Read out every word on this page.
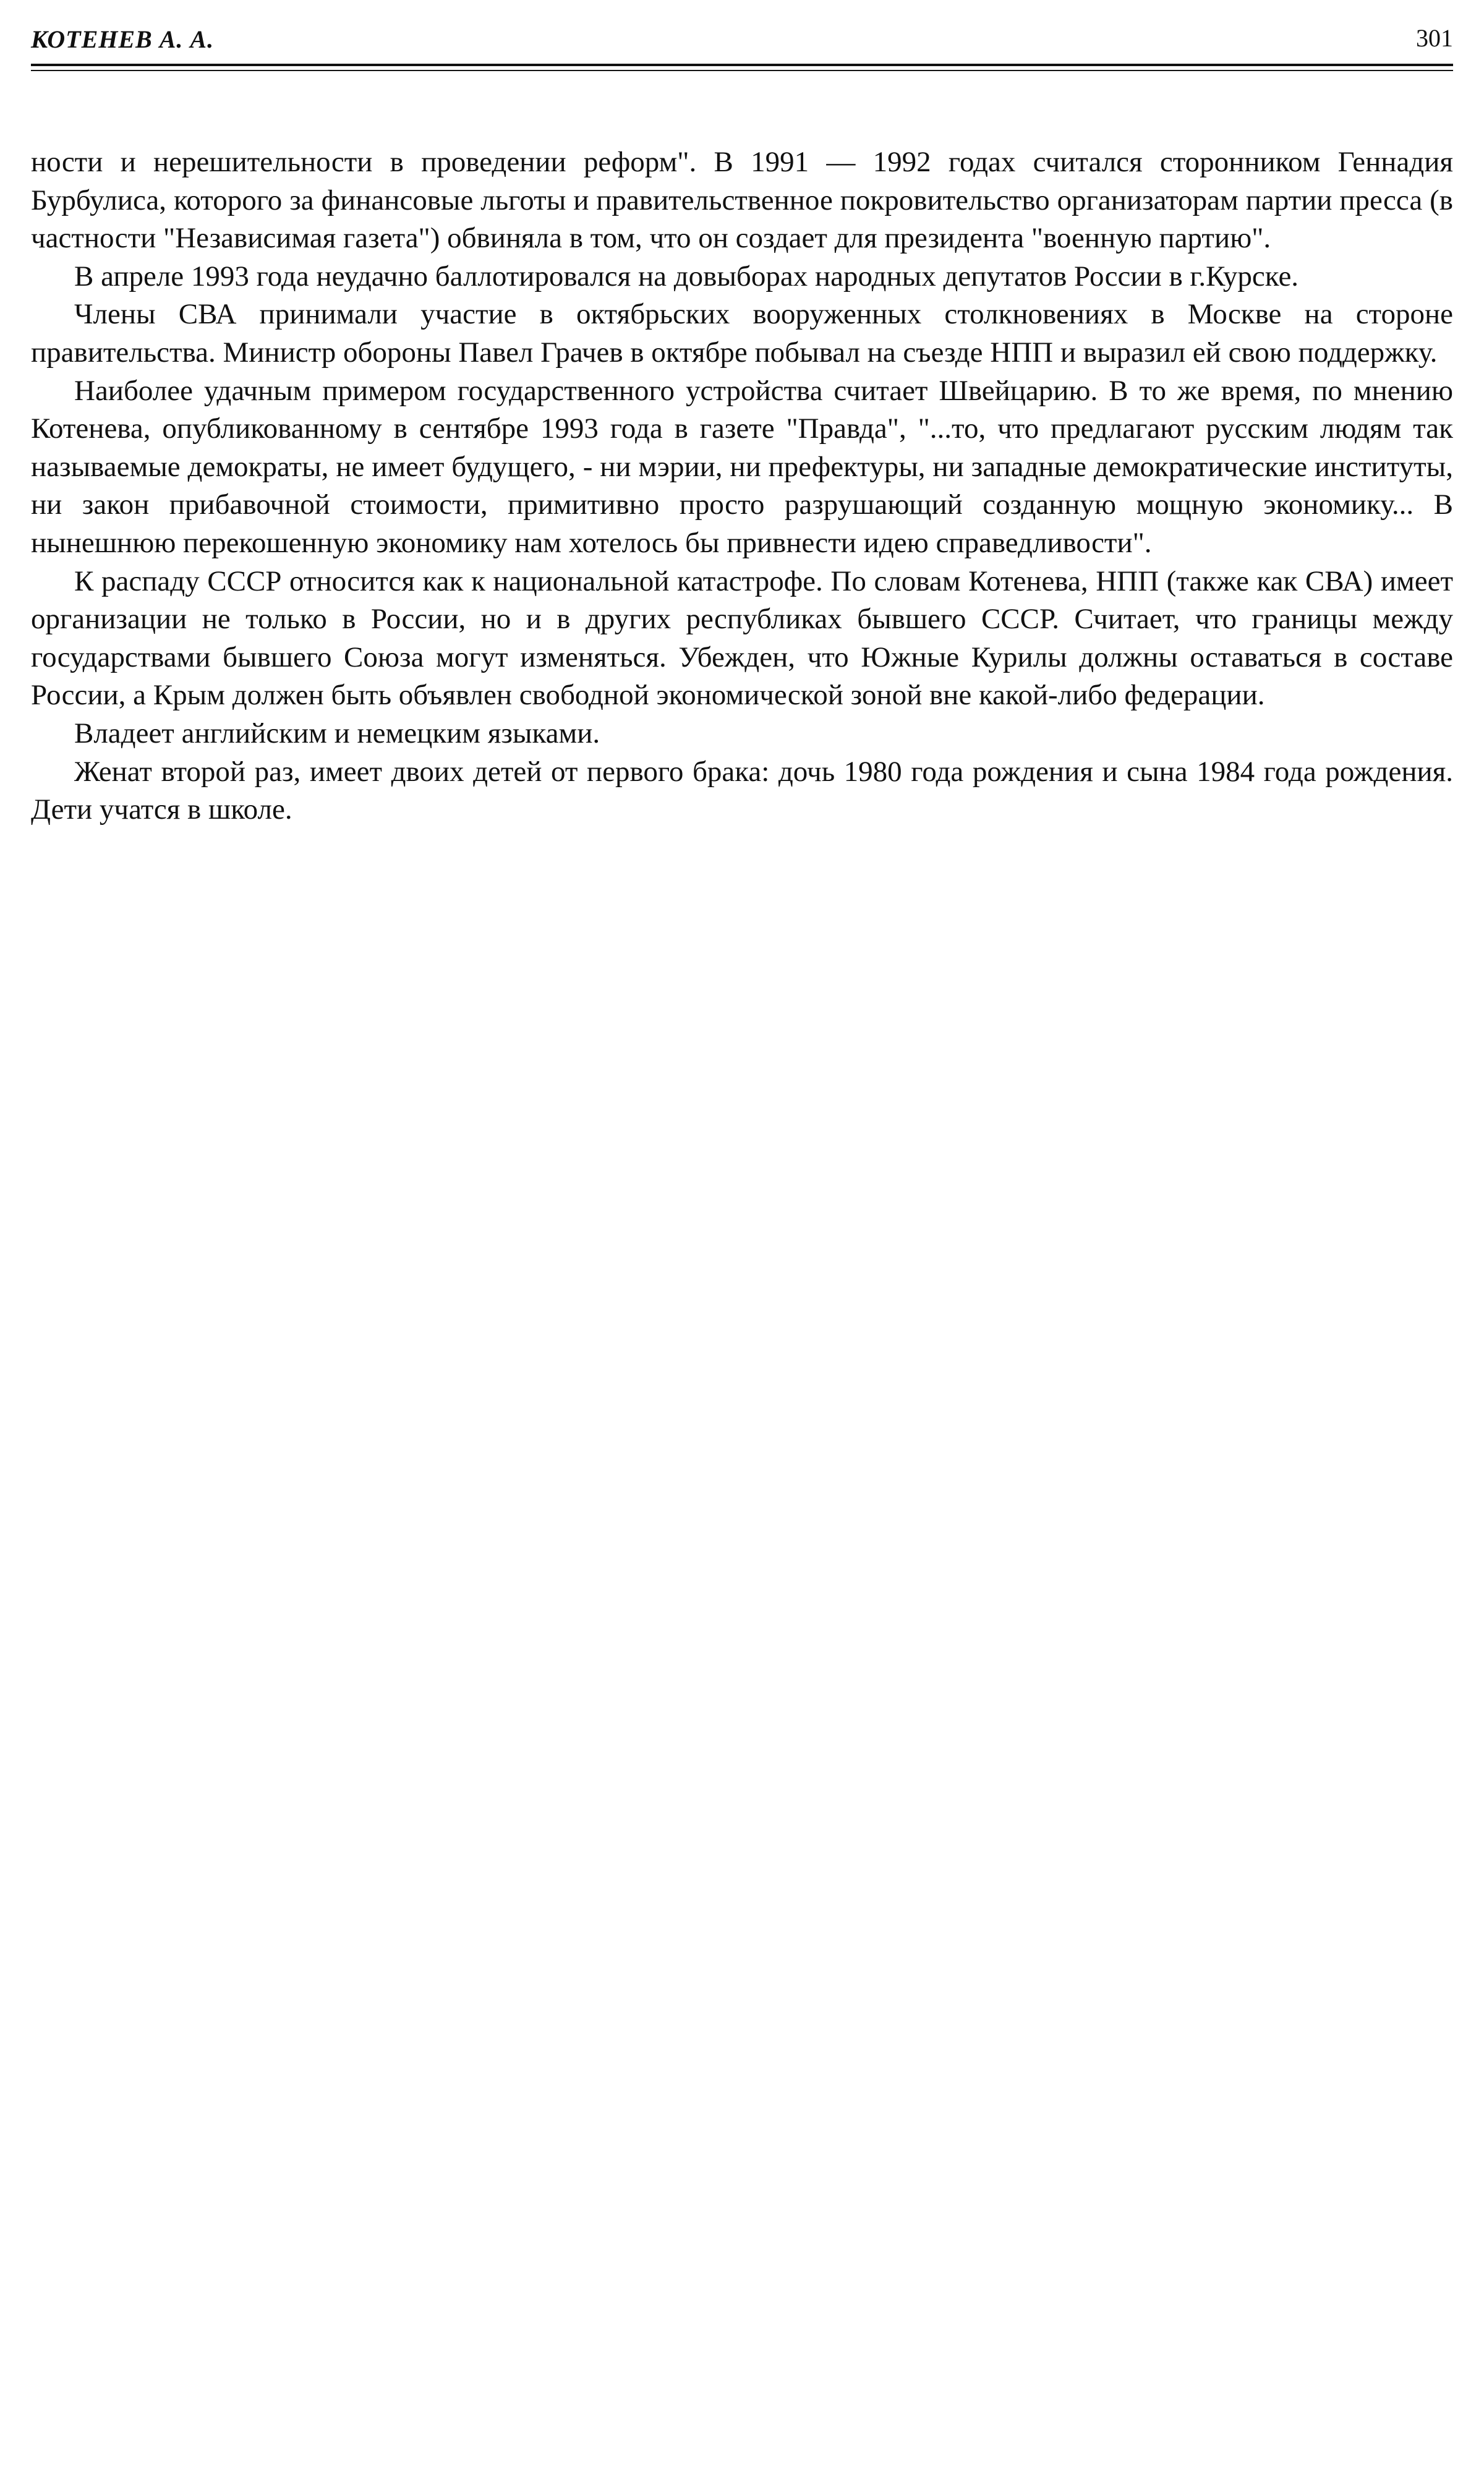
КОТЕНЕВ А. А.	301

ности и нерешительности в проведении реформ". В 1991 — 1992 годах считался сторонником Геннадия Бурбулиса, которого за финансовые льготы и правительственное покровительство организаторам партии пресса (в частности "Независимая газета") обвиняла в том, что он создает для президента "военную партию".

В апреле 1993 года неудачно баллотировался на довыборах народных депутатов России в г.Курске.

Члены СВА принимали участие в октябрьских вооруженных столкновениях в Москве на стороне правительства. Министр обороны Павел Грачев в октябре побывал на съезде НПП и выразил ей свою поддержку.

Наиболее удачным примером государственного устройства считает Швейцарию. В то же время, по мнению Котенева, опубликованному в сентябре 1993 года в газете "Правда", "...то, что предлагают русским людям так называемые демократы, не имеет будущего, - ни мэрии, ни префектуры, ни западные демократические институты, ни закон прибавочной стоимости, примитивно просто разрушающий созданную мощную экономику... В нынешнюю перекошенную экономику нам хотелось бы привнести идею справедливости".

К распаду СССР относится как к национальной катастрофе. По словам Котенева, НПП (также как СВА) имеет организации не только в России, но и в других республиках бывшего СССР. Считает, что границы между государствами бывшего Союза могут изменяться. Убежден, что Южные Курилы должны оставаться в составе России, а Крым должен быть объявлен свободной экономической зоной вне какой-либо федерации.

Владеет английским и немецким языками.

Женат второй раз, имеет двоих детей от первого брака: дочь 1980 года рождения и сына 1984 года рождения. Дети учатся в школе.
